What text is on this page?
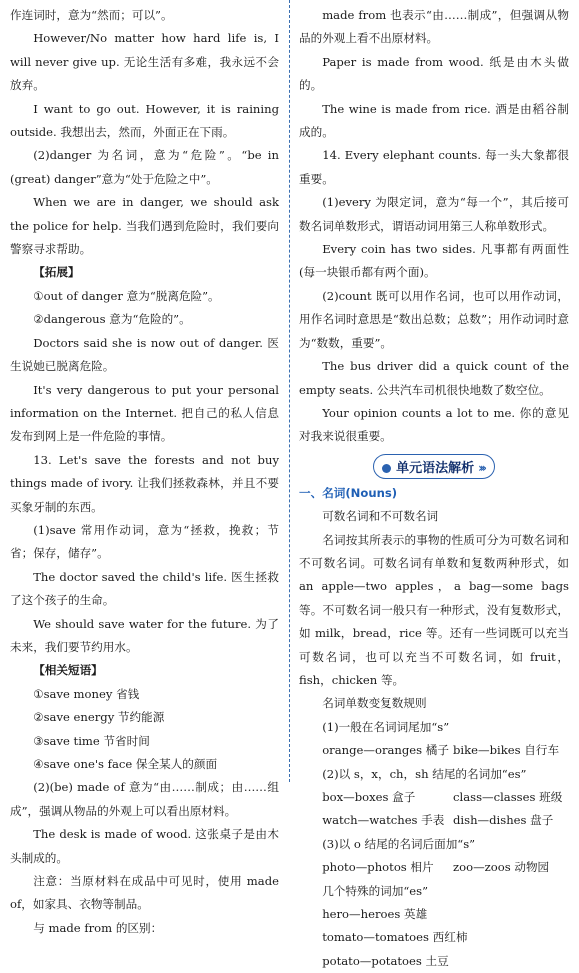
作连词时，意为“然而；可以”。

However/No matter how hard life is, I will never give up. 无论生活有多难，我永远不会放弃。

I want to go out. However, it is raining outside. 我想出去，然而，外面正在下雨。

(2)danger 为名词，意为“危险”。“be in (great) danger”意为“处于危险之中”。

When we are in danger, we should ask the police for help. 当我们遇到危险时，我们要向警察寻求帮助。

【拓展】

①out of danger 意为“脱离危险”。

②dangerous 意为“危险的”。

Doctors said she is now out of danger. 医生说她已脱离危险。

It's very dangerous to put your personal information on the Internet. 把自己的私人信息发布到网上是一件危险的事情。

13. Let's save the forests and not buy things made of ivory. 让我们拯救森林，并且不要买象牙制的东西。

(1)save 常用作动词，意为“拯救，挽救；节省；保存，储存”。

The doctor saved the child's life. 医生拯救了这个孩子的生命。

We should save water for the future. 为了未来，我们要节约用水。

【相关短语】

①save money 省钱

②save energy 节约能源

③save time 节省时间

④save one's face 保全某人的颜面

(2)(be) made of 意为“由……制成；由……组成”，强调从物品的外观上可以看出原材料。

The desk is made of wood. 这张桌子是由木头制成的。

注意：当原材料在成品中可见时，使用 made of，如家具、衣物等制品。

与 made from 的区别：

made from 也表示“由……制成”，但强调从物品的外观上看不出原材料。

Paper is made from wood. 纸是由木头做的。

The wine is made from rice. 酒是由稻谷制成的。

14. Every elephant counts. 每一头大象都很重要。

(1)every 为限定词，意为“每一个”，其后接可数名词单数形式，谓语动词用第三人称单数形式。

Every coin has two sides. 凡事都有两面性(每一块银币都有两个面)。

(2)count 既可以用作名词，也可以用作动词，用作名词时意思是“数出总数；总数”；用作动词时意为“数数，重要”。

The bus driver did a quick count of the empty seats. 公共汽车司机很快地数了数空位。

Your opinion counts a lot to me. 你的意见对我来说很重要。

单元语法解析 ›››

一、名词(Nouns)

可数名词和不可数名词

名词按其所表示的事物的性质可分为可数名词和不可数名词。可数名词有单数和复数两种形式，如 an apple—two apples，a bag—some bags 等。不可数名词一般只有一种形式，没有复数形式，如 milk，bread，rice 等。还有一些词既可以充当可数名词，也可以充当不可数名词，如 fruit，fish，chicken 等。

名词单数变复数规则

(1)一般在名词词尾加“s”

orange—oranges 橘子 bike—bikes 自行车

(2)以 s，x，ch，sh 结尾的名词加“es”

box—boxes 盒子	class—classes 班级
watch—watches 手表 dish—dishes 盘子

(3)以 o 结尾的名词后面加“s”

photo—photos 相片	zoo—zoos 动物园

几个特殊的词加“es”

hero—heroes 英雄

tomato—tomatoes 西红柿

potato—potatoes 土豆
